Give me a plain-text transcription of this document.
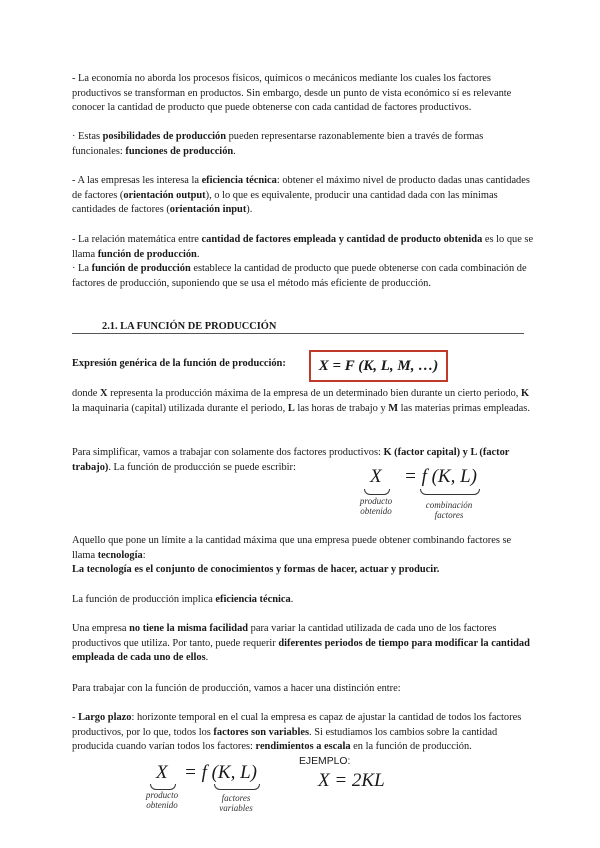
- La economía no aborda los procesos físicos, químicos o mecánicos mediante los cuales los factores productivos se transforman en productos. Sin embargo, desde un punto de vista económico sí es relevante conocer la cantidad de producto que puede obtenerse con cada cantidad de factores productivos.

· Estas posibilidades de producción pueden representarse razonablemente bien a través de formas funcionales: funciones de producción.

- A las empresas les interesa la eficiencia técnica: obtener el máximo nivel de producto dadas unas cantidades de factores (orientación output), o lo que es equivalente, producir una cantidad dada con las mínimas cantidades de factores (orientación input).

- La relación matemática entre cantidad de factores empleada y cantidad de producto obtenida es lo que se llama función de producción.

· La función de producción establece la cantidad de producto que puede obtenerse con cada combinación de factores de producción, suponiendo que se usa el método más eficiente de producción.

2.1. LA FUNCIÓN DE PRODUCCIÓN
Expresión genérica de la función de producción:	X = F (K, L, M, …)

donde X representa la producción máxima de la empresa de un determinado bien durante un cierto periodo, K la maquinaria (capital) utilizada durante el periodo, L las horas de trabajo y M las materias primas empleadas.

Para simplificar, vamos a trabajar con solamente dos factores productivos: K (factor capital) y L (factor trabajo). La función de producción se puede escribir:	X = f (K, L)
producto obtenido
combinación factores

Aquello que pone un límite a la cantidad máxima que una empresa puede obtener combinando factores se llama tecnología:

La tecnología es el conjunto de conocimientos y formas de hacer, actuar y producir.

La función de producción implica eficiencia técnica.

Una empresa no tiene la misma facilidad para variar la cantidad utilizada de cada uno de los factores productivos que utiliza. Por tanto, puede requerir diferentes periodos de tiempo para modificar la cantidad empleada de cada uno de ellos.

Para trabajar con la función de producción, vamos a hacer una distinción entre:

- Largo plazo: horizonte temporal en el cual la empresa es capaz de ajustar la cantidad de todos los factores productivos, por lo que, todos los factores son variables. Si estudiamos los cambios sobre la cantidad producida cuando varían todos los factores: rendimientos a escala en la función de producción.

X = f (K, L)
producto obtenido
factores variables
EJEMPLO:
X = 2KL
